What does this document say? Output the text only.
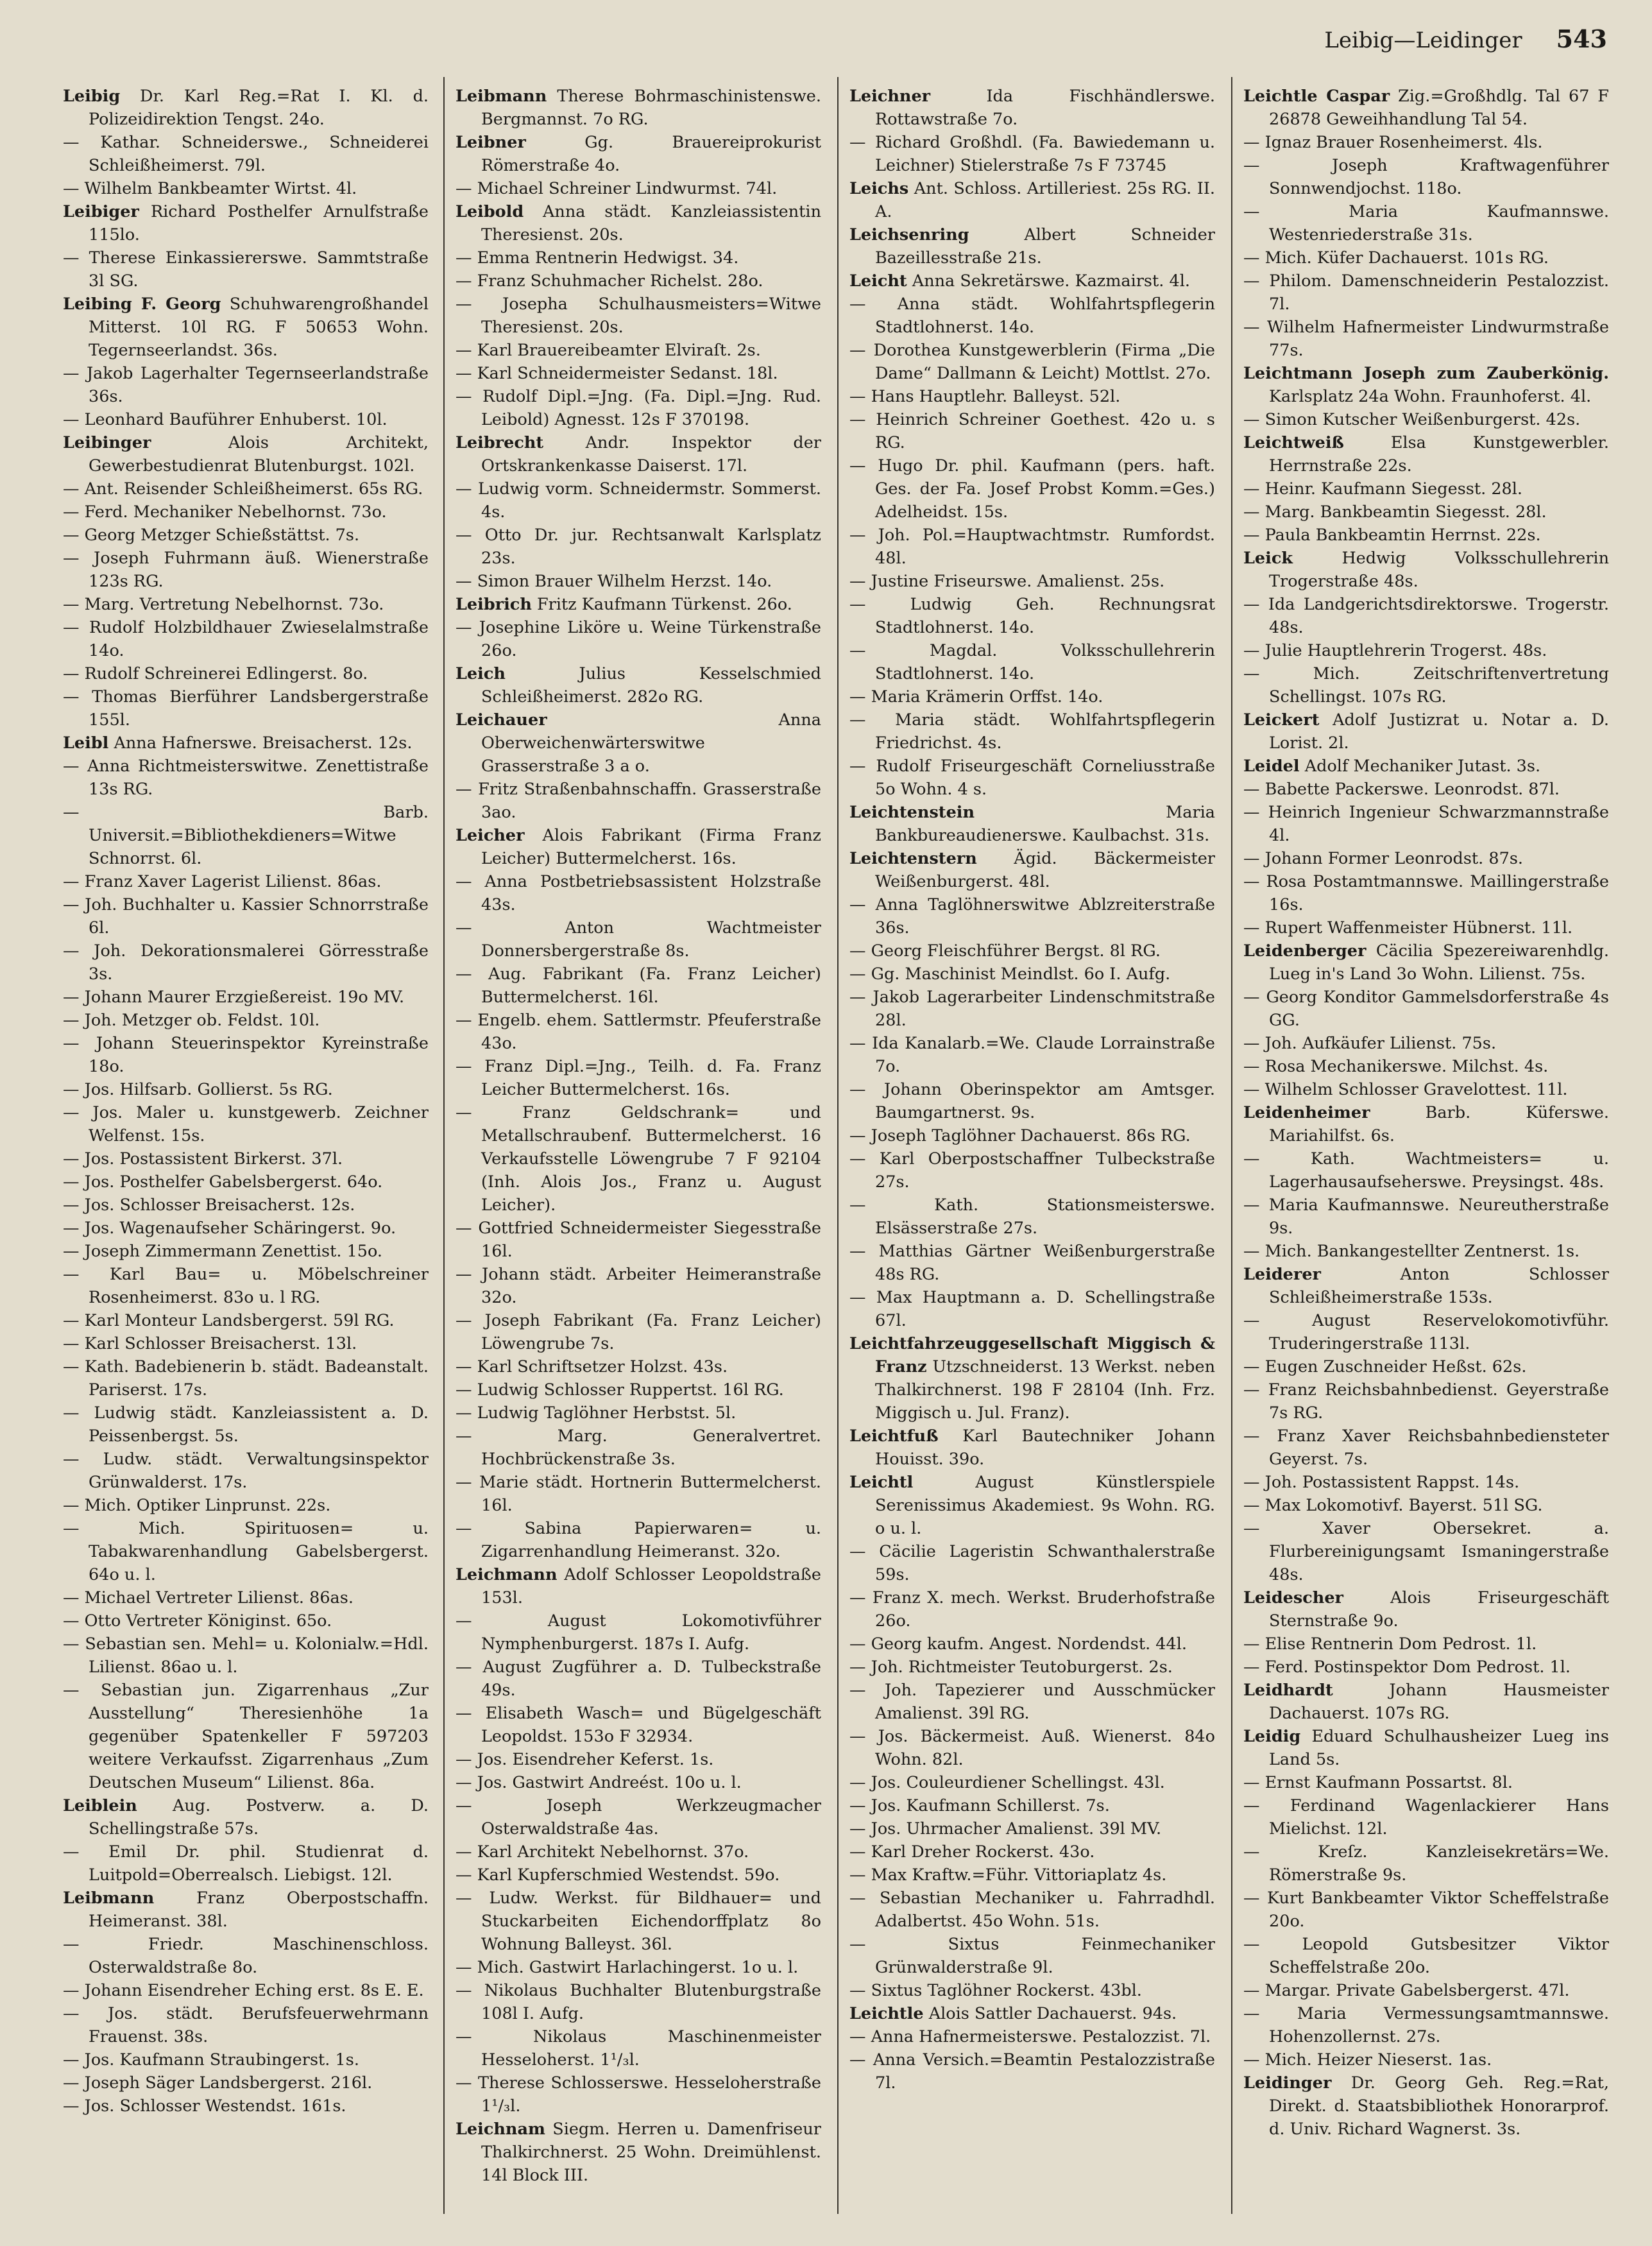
Leibig—Leidinger 543
Leibig Dr. Karl Reg.=Rat I. Kl. d. Polizeidirektion Tengst. 24o.
— Kathar. Schneiderswe., Schneiderei Schleißheimerst. 79l.
— Wilhelm Bankbeamter Wirtst. 4l.
Leibiger Richard Posthelfer Arnulfstraße 115lo.
— Therese Einkassiererswe. Sammtstraße 3l SG.
Leibing F. Georg Schuhwarengroßhandel Mitterst. 10l RG. F 50653 Wohn. Tegernseerlandst. 36s.
— Jakob Lagerhalter Tegernseerlandstraße 36s.
— Leonhard Bauführer Enhuberst. 10l.
Leibinger	Alois Architekt, Gewerbestudienrat Blutenburgst. 102l.
— Ant. Reisender Schleißheimerst. 65s RG.
— Ferd. Mechaniker Nebelhornst. 73o.
— Georg Metzger Schießstättst. 7s.
— Joseph Fuhrmann äuß. Wienerstraße 123s RG.
— Marg. Vertretung Nebelhornst. 73o.
— Rudolf Holzbildhauer Zwieselalmstraße 14o.
— Rudolf Schreinerei Edlingerst. 8o.
— Thomas Bierführer Landsbergerstraße 155l.
Leibl Anna Hafnerswe. Breisacherst. 12s.
— Anna Richtmeisterswitwe. Zenettistraße 13s RG.
— Barb. Universit.=Bibliothekdieners=Witwe Schnorrst. 6l.
— Franz Xaver Lagerist Lilienst. 86as.
— Joh. Buchhalter u. Kassier Schnorrstraße 6l.
— Joh. Dekorationsmalerei Görresstraße 3s.
— Johann Maurer Erzgießereist. 19o MV.
— Joh. Metzger ob. Feldst. 10l.
— Johann Steuerinspektor Kyreinstraße 18o.
— Jos. Hilfsarb. Gollierst. 5s RG.
— Jos. Maler u. kunstgewerb. Zeichner Welfenst. 15s.
— Jos. Postassistent Birkerst. 37l.
— Jos. Posthelfer Gabelsbergerst. 64o.
— Jos. Schlosser Breisacherst. 12s.
— Jos. Wagenaufseher Schäringerst. 9o.
— Joseph Zimmermann Zenettist. 15o.
— Karl Bau= u. Möbelschreiner Rosenheimerst. 83o u. l RG.
— Karl Monteur Landsbergerst. 59l RG.
— Karl Schlosser Breisacherst. 13l.
— Kath. Badebienerin b. städt. Badeanstalt. Pariserst. 17s.
— Ludwig städt. Kanzleiassistent a. D. Peissenbergst. 5s.
— Ludw. städt. Verwaltungsinspektor Grünwalderst. 17s.
— Mich. Optiker Linprunst. 22s.
— Mich. Spirituosen= u. Tabakwarenhandlung Gabelsbergerst. 64o u. l.
— Michael Vertreter Lilienst. 86as.
— Otto Vertreter Königinst. 65o.
— Sebastian sen. Mehl= u. Kolonialw.=Hdl. Lilienst. 86ao u. l.
— Sebastian jun. Zigarrenhaus „Zur Ausstellung“ Theresienhöhe 1a gegenüber Spatenkeller F 597203 weitere Verkaufsst. Zigarrenhaus „Zum Deutschen Museum“ Lilienst. 86a.
Leiblein Aug. Postverw. a. D. Schellingstraße 57s.
— Emil Dr. phil. Studienrat d. Luitpold=Oberrealsch. Liebigst. 12l.
Leibmann	Franz Oberpostschaffn. Heimeranst. 38l.
— Friedr. Maschinenschloss. Osterwaldstraße 8o.
— Johann Eisendreher Eching erst. 8s E. E.
— Jos. städt. Berufsfeuerwehrmann Frauenst. 38s.
— Jos. Kaufmann Straubingerst. 1s.
— Joseph Säger Landsbergerst. 216l.
— Jos. Schlosser Westendst. 161s.
Leibmann Therese Bohrmaschinistenswe. Bergmannst. 7o RG.
Leibner	Gg. Brauereiprokurist Römerstraße 4o.
— Michael Schreiner Lindwurmst. 74l.
Leibold Anna städt. Kanzleiassistentin Theresienst. 20s.
— Emma Rentnerin Hedwigst. 34.
— Franz Schuhmacher Richelst. 28o.
— Josepha Schulhausmeisters=Witwe Theresienst. 20s.
— Karl Brauereibeamter Elviraſt. 2s.
— Karl Schneidermeister Sedanst. 18l.
— Rudolf Dipl.=Jng. (Fa. Dipl.=Jng. Rud. Leibold) Agnesst. 12s F 370198.
Leibrecht	Andr. Inspektor der Ortskrankenkasse Daiserst. 17l.
— Ludwig vorm. Schneidermstr. Sommerst. 4s.
— Otto Dr. jur. Rechtsanwalt Karlsplatz 23s.
— Simon Brauer Wilhelm Herzst. 14o.
Leibrich Fritz Kaufmann Türkenst. 26o.
— Josephine Liköre u. Weine Türkenstraße 26o.
Leich	Julius Kesselschmied Schleißheimerst. 282o RG.
Leichauer	Anna Oberweichenwärterswitwe Grasserstraße 3 a o.
— Fritz Straßenbahnschaffn. Grasserstraße 3ao.
Leicher Alois Fabrikant (Firma Franz Leicher) Buttermelcherst. 16s.
— Anna Postbetriebsassistent Holzstraße 43s.
— Anton Wachtmeister Donnersbergerstraße 8s.
— Aug. Fabrikant (Fa. Franz Leicher) Buttermelcherst. 16l.
— Engelb. ehem. Sattlermstr. Pfeuferstraße 43o.
— Franz Dipl.=Jng., Teilh. d. Fa. Franz Leicher Buttermelcherst. 16s.
— Franz Geldschrank= und Metallschraubenf. Buttermelcherst. 16 Verkaufsstelle Löwengrube 7 F 92104 (Inh. Alois Jos., Franz u. August Leicher).
— Gottfried Schneidermeister Siegesstraße 16l.
— Johann städt. Arbeiter Heimeranstraße 32o.
— Joseph Fabrikant (Fa. Franz Leicher) Löwengrube 7s.
— Karl Schriftsetzer Holzst. 43s.
— Ludwig Schlosser Ruppertst. 16l RG.
— Ludwig Taglöhner Herbstst. 5l.
— Marg. Generalvertret. Hochbrückenstraße 3s.
— Marie städt. Hortnerin Buttermelcherst. 16l.
— Sabina Papierwaren= u. Zigarrenhandlung Heimeranst. 32o.
Leichmann Adolf Schlosser Leopoldstraße 153l.
— August Lokomotivführer Nymphenburgerst. 187s I. Aufg.
— August Zugführer a. D. Tulbeckstraße 49s.
— Elisabeth Wasch= und Bügelgeschäft Leopoldst. 153o F 32934.
— Jos. Eisendreher Keferst. 1s.
— Jos. Gastwirt Andreést. 10o u. l.
— Joseph Werkzeugmacher Osterwaldstraße 4as.
— Karl Architekt Nebelhornst. 37o.
— Karl Kupferschmied Westendst. 59o.
— Ludw. Werkst. für Bildhauer= und Stuckarbeiten Eichendorffplatz 8o Wohnung Balleyst. 36l.
— Mich. Gastwirt Harlachingerst. 1o u. l.
— Nikolaus Buchhalter Blutenburgstraße 108l I. Aufg.
— Nikolaus Maschinenmeister Hesseloherst. 1¹/₃l.
— Therese Schlosserswe. Hesseloherstraße 1¹/₃l.
Leichnam Siegm. Herren u. Damenfriseur Thalkirchnerst. 25 Wohn. Dreimühlenst. 14l Block III.
Leichner	Ida Fischhändlerswe. Rottawstraße 7o.
— Richard Großhdl. (Fa. Bawiedemann u. Leichner) Stielerstraße 7s F 73745
Leichs Ant. Schloss. Artilleriest. 25s RG. II. A.
Leichsenring	Albert Schneider Bazeillesstraße 21s.
Leicht Anna Sekretärswe. Kazmairst. 4l.
— Anna städt. Wohlfahrtspflegerin Stadtlohnerst. 14o.
— Dorothea Kunstgewerblerin (Firma „Die Dame“ Dallmann & Leicht) Mottlst. 27o.
— Hans Hauptlehr. Balleyst. 52l.
— Heinrich Schreiner Goethest. 42o u. s RG.
— Hugo Dr. phil. Kaufmann (pers. haft. Ges. der Fa. Josef Probst Komm.=Ges.) Adelheidst. 15s.
— Joh. Pol.=Hauptwachtmstr. Rumfordst. 48l.
— Justine Friseurswe. Amalienst. 25s.
— Ludwig Geh. Rechnungsrat Stadtlohnerst. 14o.
— Magdal. Volksschullehrerin Stadtlohnerst. 14o.
— Maria Krämerin Orffst. 14o.
— Maria städt. Wohlfahrtspflegerin Friedrichst. 4s.
— Rudolf Friseurgeschäft Corneliusstraße 5o Wohn. 4 s.
Leichtenstein	Maria Bankbureaudienerswe. Kaulbachst. 31s.
Leichtenstern Ägid. Bäckermeister Weißenburgerst. 48l.
— Anna Taglöhnerswitwe Ablzreiterstraße 36s.
— Georg Fleischführer Bergst. 8l RG.
— Gg. Maschinist Meindlst. 6o I. Aufg.
— Jakob Lagerarbeiter Lindenschmitstraße 28l.
— Ida Kanalarb.=We. Claude Lorrainstraße 7o.
— Johann Oberinspektor am Amtsger. Baumgartnerst. 9s.
— Joseph Taglöhner Dachauerst. 86s RG.
— Karl Oberpostschaffner Tulbeckstraße 27s.
— Kath. Stationsmeisterswe. Elsässerstraße 27s.
— Matthias Gärtner Weißenburgerstraße 48s RG.
— Max Hauptmann a. D. Schellingstraße 67l.
Leichtfahrzeuggesellschaft Miggisch & Franz Utzschneiderst. 13 Werkst. neben Thalkirchnerst. 198 F 28104 (Inh. Frz. Miggisch u. Jul. Franz).
Leichtfuß Karl Bautechniker Johann Houisst. 39o.
Leichtl	August Künstlerspiele Serenissimus Akademiest. 9s Wohn. RG. o u. l.
— Cäcilie Lageristin Schwanthalerstraße 59s.
— Franz X. mech. Werkst. Bruderhofstraße 26o.
— Georg kaufm. Angest. Nordendst. 44l.
— Joh. Richtmeister Teutoburgerst. 2s.
— Joh. Tapezierer und Ausschmücker Amalienst. 39l RG.
— Jos. Bäckermeist. Auß. Wienerst. 84o Wohn. 82l.
— Jos. Couleurdiener Schellingst. 43l.
— Jos. Kaufmann Schillerst. 7s.
— Jos. Uhrmacher Amalienst. 39l MV.
— Karl Dreher Rockerst. 43o.
— Max Kraftw.=Führ. Vittoriaplatz 4s.
— Sebastian Mechaniker u. Fahrradhdl. Adalbertst. 45o Wohn. 51s.
— Sixtus Feinmechaniker Grünwalderstraße 9l.
— Sixtus Taglöhner Rockerst. 43bl.
Leichtle Alois Sattler Dachauerst. 94s.
— Anna Hafnermeisterswe. Pestalozzist. 7l.
— Anna Versich.=Beamtin Pestalozzistraße 7l.
Leichtle Caspar Zig.=Großhdlg. Tal 67 F 26878 Geweihhandlung Tal 54.
— Ignaz Brauer Rosenheimerst. 4ls.
— Joseph Kraftwagenführer Sonnwendjochst. 118o.
— Maria Kaufmannswe. Westenriederstraße 31s.
— Mich. Küfer Dachauerst. 101s RG.
— Philom. Damenschneiderin Pestalozzist. 7l.
— Wilhelm Hafnermeister Lindwurmstraße 77s.
Leichtmann Joseph zum Zauberkönig. Karlsplatz 24a Wohn. Fraunhoferst. 4l.
— Simon Kutscher Weißenburgerst. 42s.
Leichtweiß	Elsa Kunstgewerbler. Herrnstraße 22s.
— Heinr. Kaufmann Siegesst. 28l.
— Marg. Bankbeamtin Siegesst. 28l.
— Paula Bankbeamtin Herrnst. 22s.
Leick	Hedwig Volksschullehrerin Trogerstraße 48s.
— Ida Landgerichtsdirektorswe. Trogerstr. 48s.
— Julie Hauptlehrerin Trogerst. 48s.
— Mich. Zeitschriftenvertretung Schellingst. 107s RG.
Leickert Adolf Justizrat u. Notar a. D. Lorist. 2l.
Leidel Adolf Mechaniker Jutast. 3s.
— Babette Packerswe. Leonrodst. 87l.
— Heinrich Ingenieur Schwarzmannstraße 4l.
— Johann Former Leonrodst. 87s.
— Rosa Postamtmannswe. Maillingerstraße 16s.
— Rupert Waffenmeister Hübnerst. 11l.
Leidenberger Cäcilia Spezereiwarenhdlg. Lueg in's Land 3o Wohn. Lilienst. 75s.
— Georg Konditor Gammelsdorferstraße 4s GG.
— Joh. Aufkäufer Lilienst. 75s.
— Rosa Mechanikerswe. Milchst. 4s.
— Wilhelm Schlosser Gravelottest. 11l.
Leidenheimer	Barb. Küferswe. Mariahilfst. 6s.
— Kath. Wachtmeisters= u. Lagerhausaufseherswe. Preysingst. 48s.
— Maria Kaufmannswe. Neureutherstraße 9s.
— Mich. Bankangestellter Zentnerst. 1s.
Leiderer	Anton Schlosser Schleißheimerstraße 153s.
— August Reservelokomotivführ. Truderingerstraße 113l.
— Eugen Zuschneider Heßst. 62s.
— Franz Reichsbahnbedienst. Geyerstraße 7s RG.
— Franz Xaver Reichsbahnbediensteter Geyerst. 7s.
— Joh. Postassistent Rappst. 14s.
— Max Lokomotivf. Bayerst. 51l SG.
— Xaver Obersekret. a. Flurbereinigungsamt Ismaningerstraße 48s.
Leidescher	Alois Friseurgeschäft Sternstraße 9o.
— Elise Rentnerin Dom Pedrost. 1l.
— Ferd. Postinspektor Dom Pedrost. 1l.
Leidhardt	Johann Hausmeister Dachauerst. 107s RG.
Leidig Eduard Schulhausheizer Lueg ins Land 5s.
— Ernst Kaufmann Possartst. 8l.
— Ferdinand Wagenlackierer Hans Mielichst. 12l.
— Kreſz. Kanzleisekretärs=We. Römerstraße 9s.
— Kurt Bankbeamter Viktor Scheffelstraße 20o.
— Leopold Gutsbesitzer Viktor Scheffelstraße 20o.
— Margar. Private Gabelsbergerst. 47l.
— Maria Vermessungsamtmannswe. Hohenzollernst. 27s.
— Mich. Heizer Nieserst. 1as.
Leidinger Dr. Georg Geh. Reg.=Rat, Direkt. d. Staatsbibliothek Honorarprof. d. Univ. Richard Wagnerst. 3s.
